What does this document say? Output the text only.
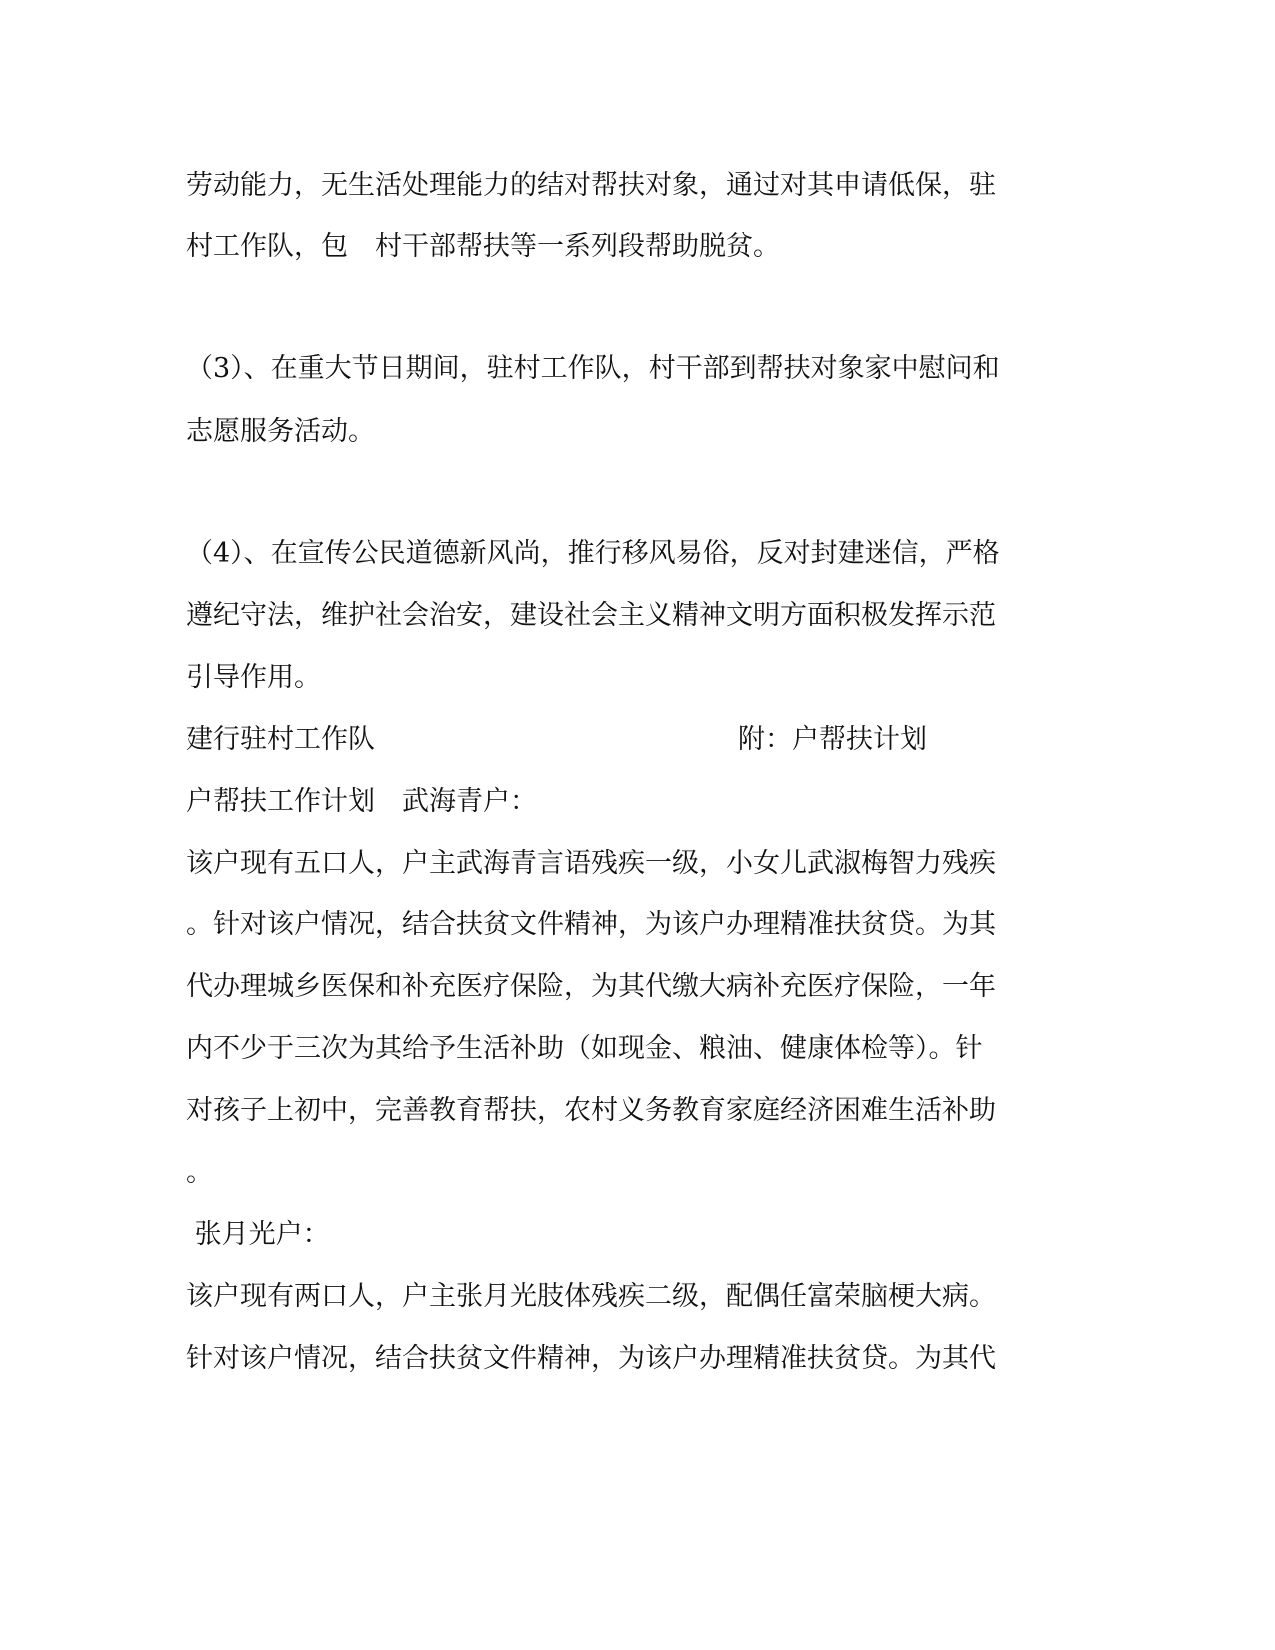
劳动能力，无生活处理能力的结对帮扶对象，通过对其申请低保，驻
村工作队，包　村干部帮扶等一系列段帮助脱贫。
（3）、在重大节日期间，驻村工作队，村干部到帮扶对象家中慰问和
志愿服务活动。
（4）、在宣传公民道德新风尚，推行移风易俗，反对封建迷信，严格
遵纪守法，维护社会治安，建设社会主义精神文明方面积极发挥示范
引导作用。
建行驻村工作队	附：户帮扶计划
户帮扶工作计划　武海青户：
该户现有五口人，户主武海青言语残疾一级，小女儿武淑梅智力残疾
。针对该户情况，结合扶贫文件精神，为该户办理精准扶贫贷。为其
代办理城乡医保和补充医疗保险，为其代缴大病补充医疗保险，一年
内不少于三次为其给予生活补助（如现金、粮油、健康体检等）。针
对孩子上初中，完善教育帮扶，农村义务教育家庭经济困难生活补助
。
张月光户：
该户现有两口人，户主张月光肢体残疾二级，配偶任富荣脑梗大病。
针对该户情况，结合扶贫文件精神，为该户办理精准扶贫贷。为其代
